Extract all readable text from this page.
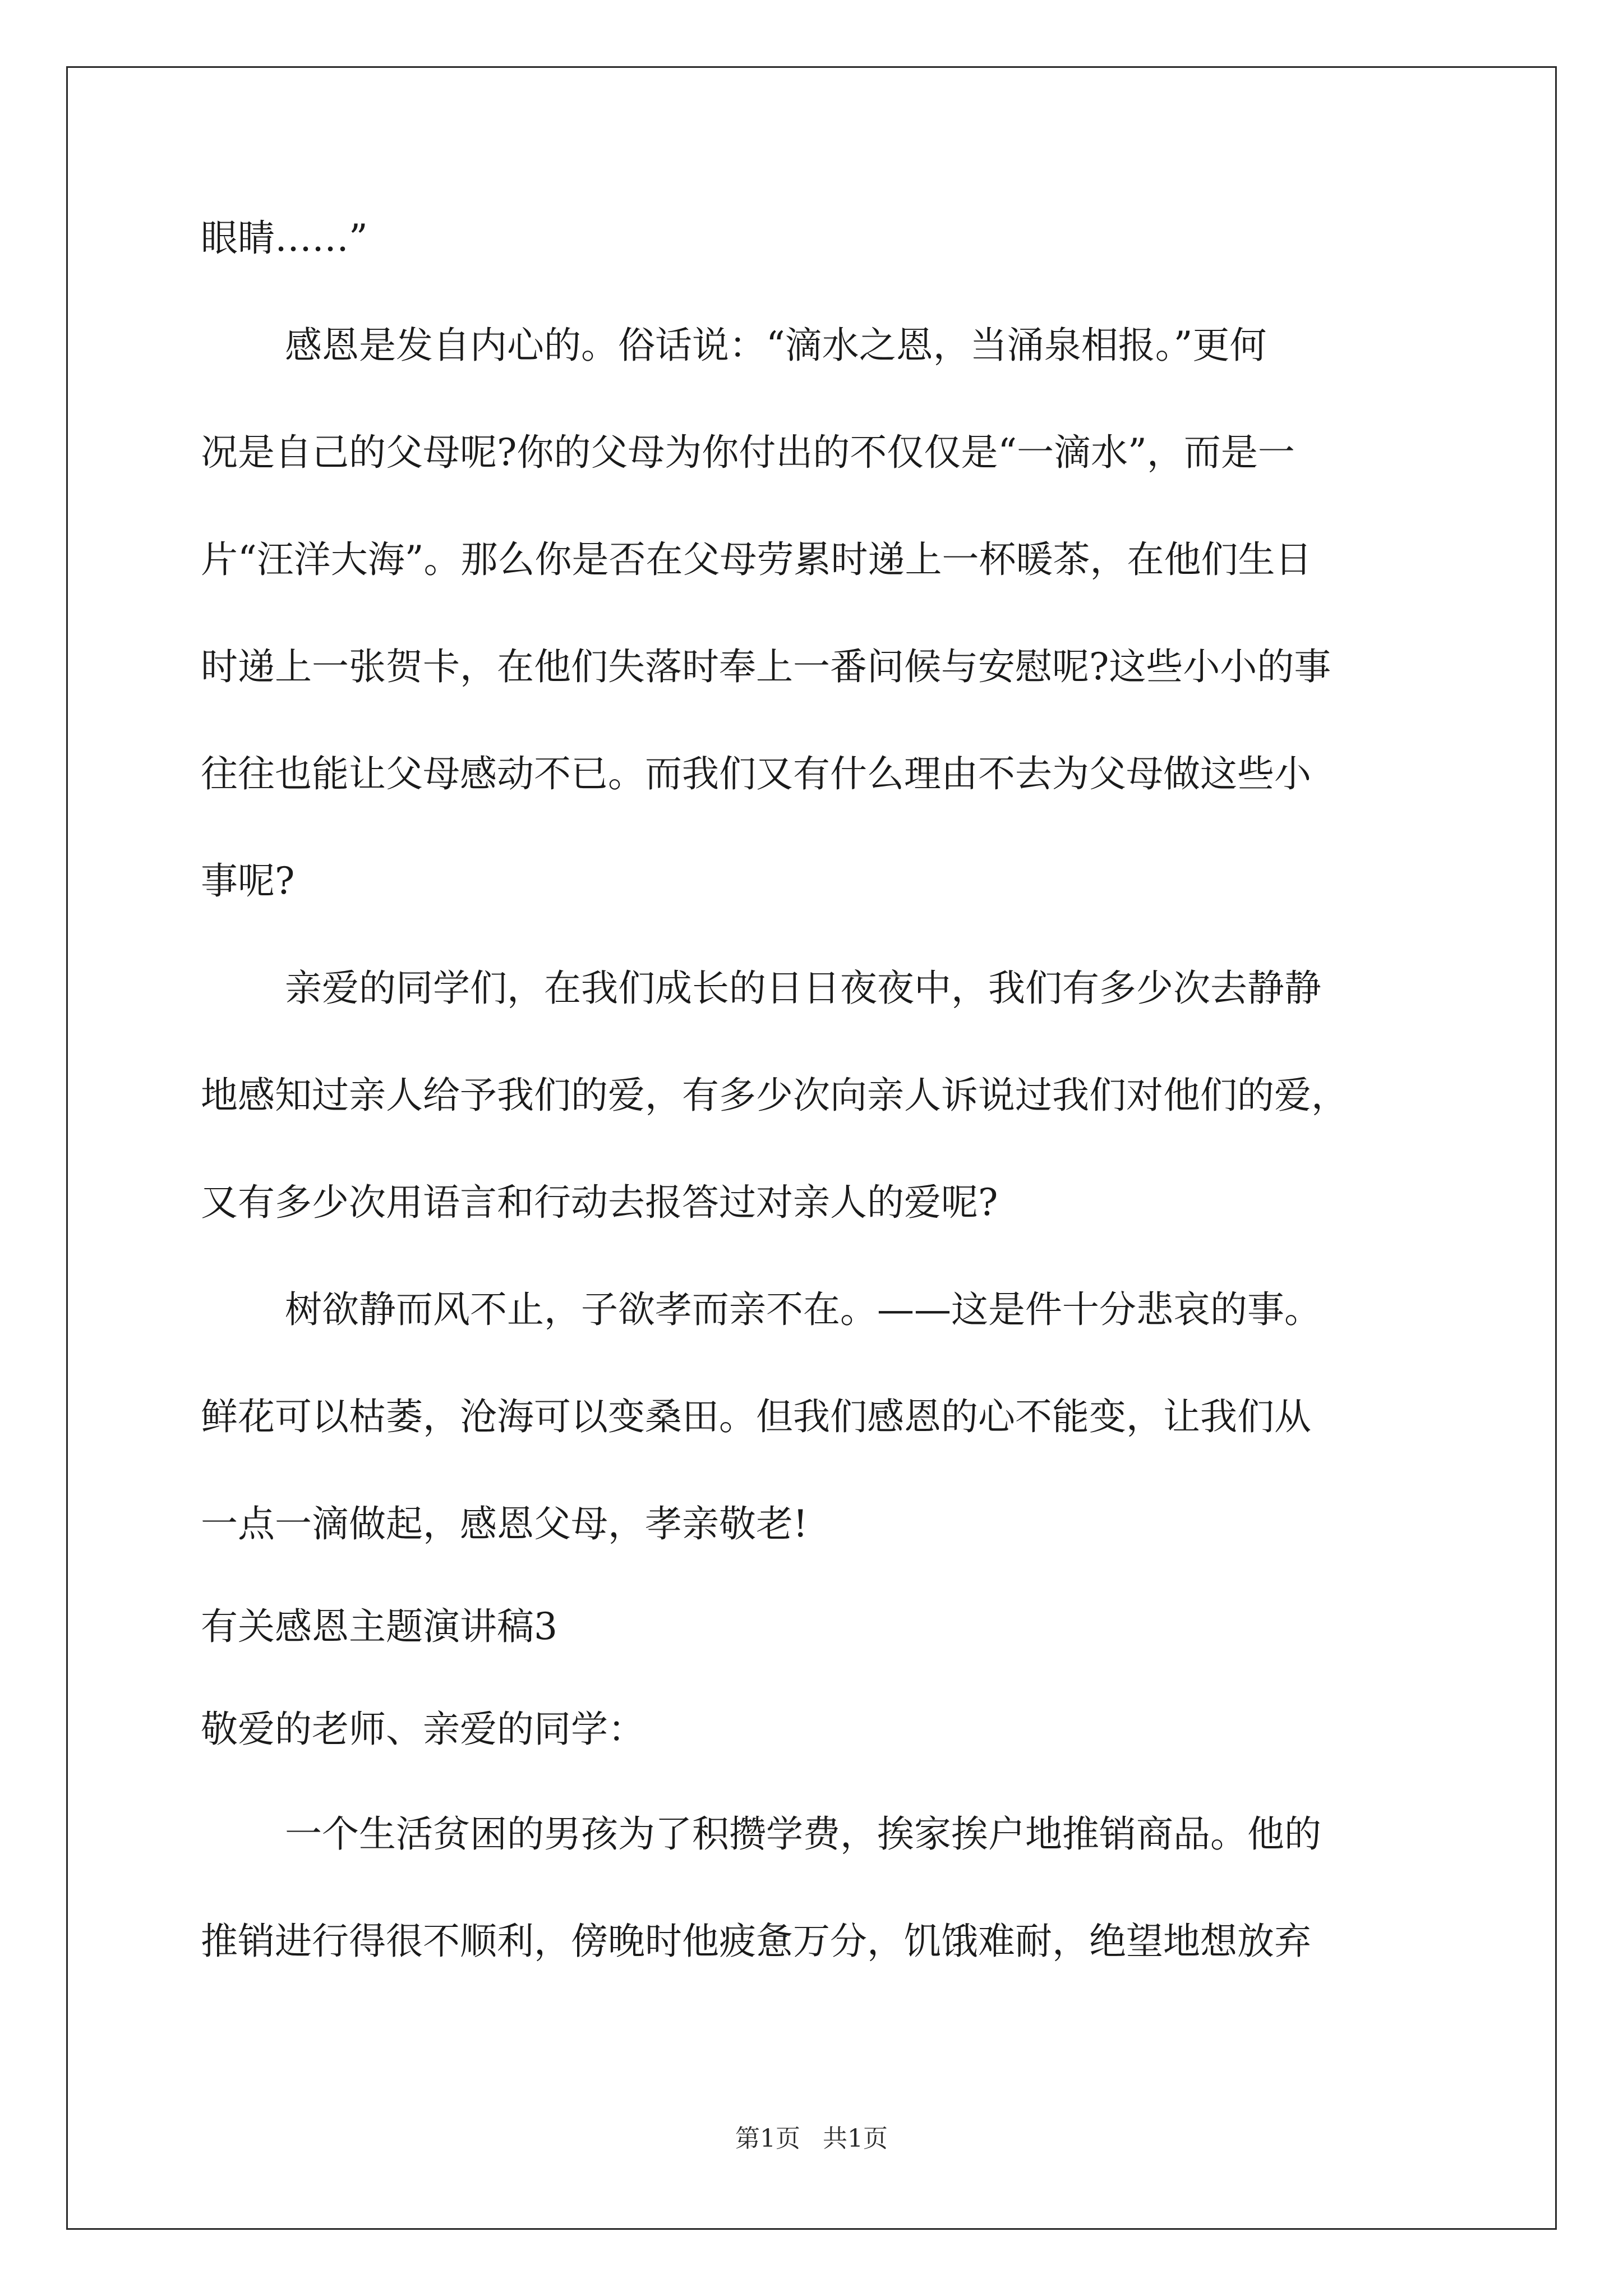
眼睛……”
感恩是发自内心的。俗话说：“滴水之恩，当涌泉相报。”更何
况是自己的父母呢?你的父母为你付出的不仅仅是“一滴水”，而是一
片“汪洋大海”。那么你是否在父母劳累时递上一杯暖茶，在他们生日
时递上一张贺卡，在他们失落时奉上一番问候与安慰呢?这些小小的事
往往也能让父母感动不已。而我们又有什么理由不去为父母做这些小
事呢?
亲爱的同学们，在我们成长的日日夜夜中，我们有多少次去静静
地感知过亲人给予我们的爱，有多少次向亲人诉说过我们对他们的爱，
又有多少次用语言和行动去报答过对亲人的爱呢?
树欲静而风不止，子欲孝而亲不在。——这是件十分悲哀的事。
鲜花可以枯萎，沧海可以变桑田。但我们感恩的心不能变，让我们从
一点一滴做起，感恩父母，孝亲敬老!
有关感恩主题演讲稿3
敬爱的老师、亲爱的同学：
一个生活贫困的男孩为了积攒学费，挨家挨户地推销商品。他的
推销进行得很不顺利，傍晚时他疲惫万分，饥饿难耐，绝望地想放弃
第1页 共1页
